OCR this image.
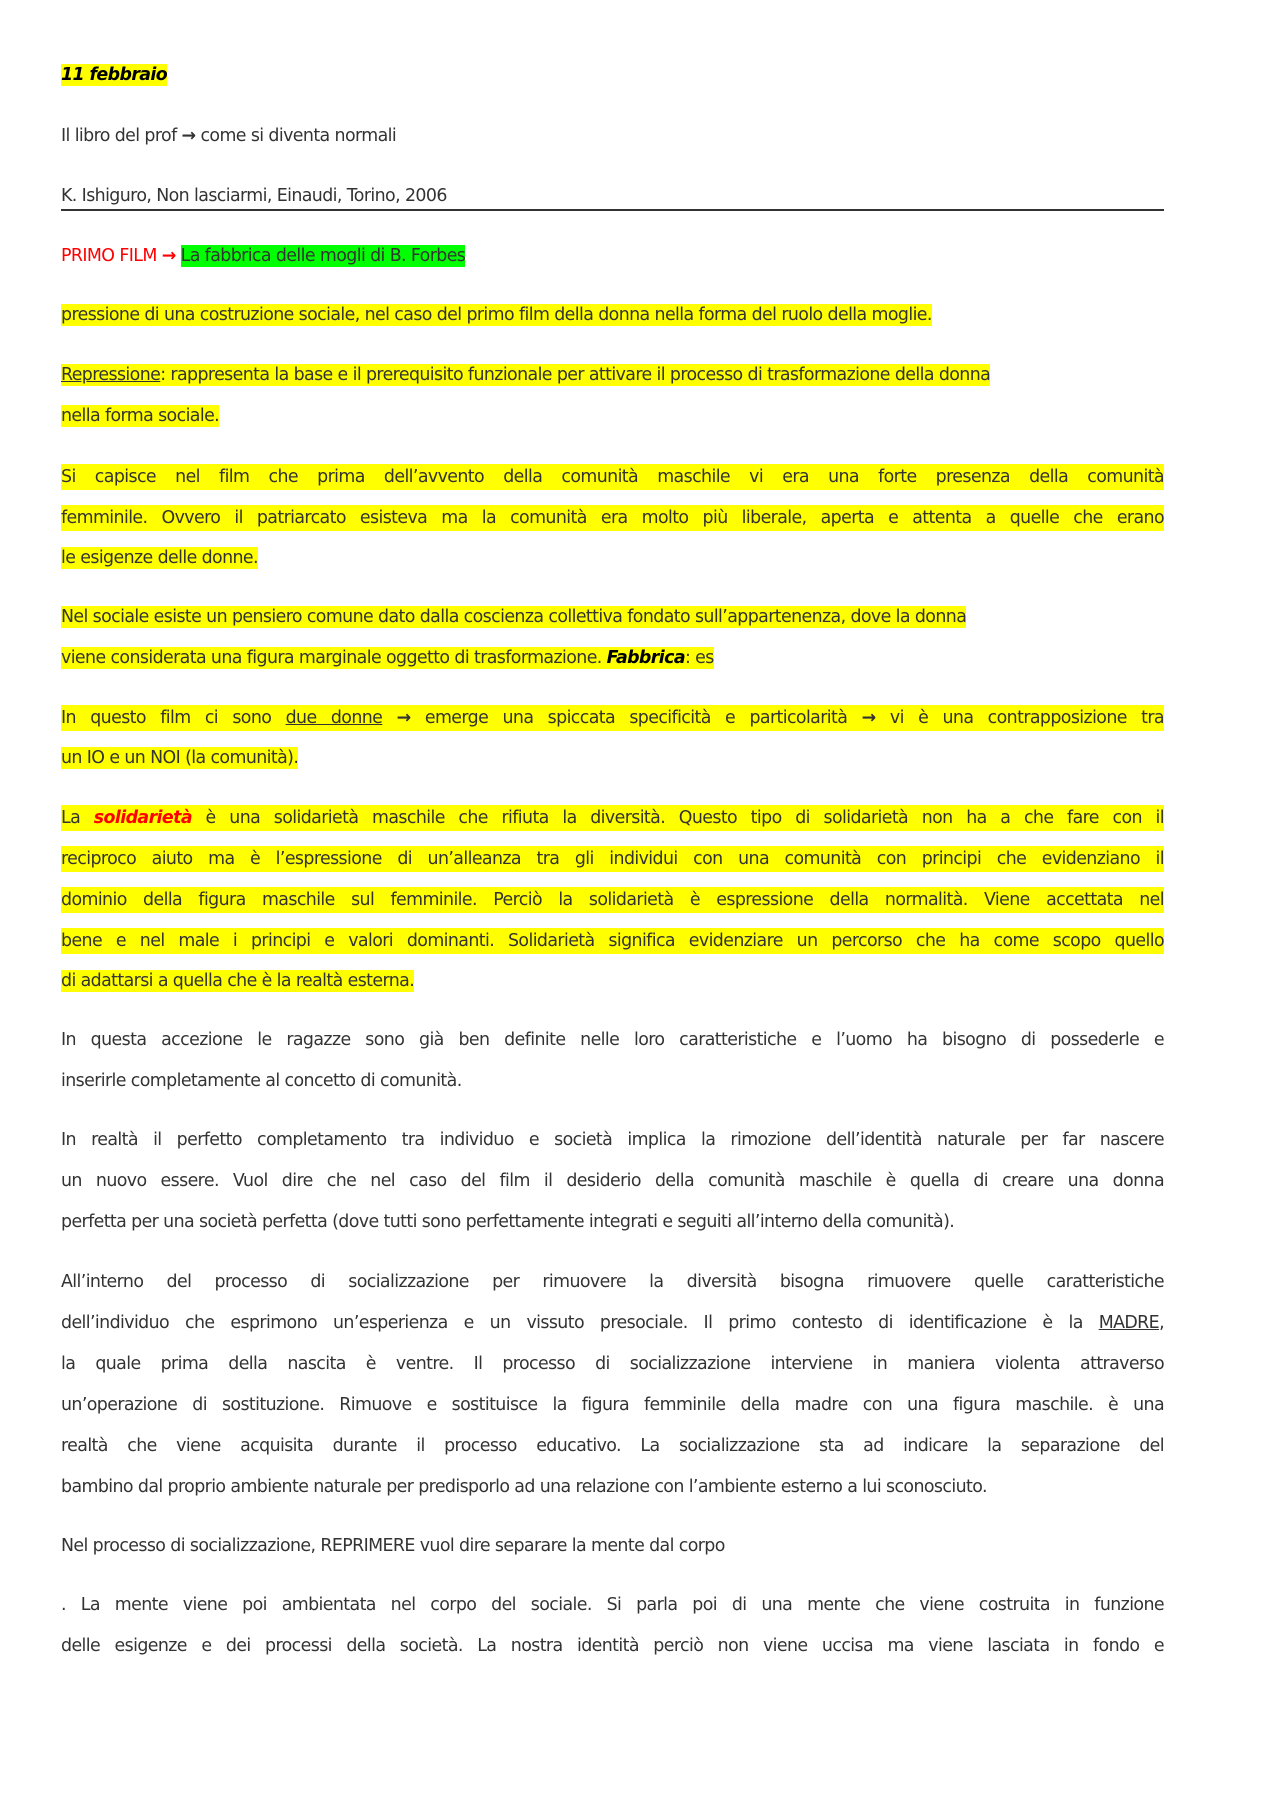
11 febbraio
Il libro del prof → come si diventa normali
K. Ishiguro, Non lasciarmi, Einaudi, Torino, 2006
PRIMO FILM → La fabbrica delle mogli di B. Forbes
pressione di una costruzione sociale, nel caso del primo film della donna nella forma del ruolo della moglie.
Repressione: rappresenta la base e il prerequisito funzionale per attivare il processo di trasformazione della donna
nella forma sociale.
Si capisce nel film che prima dell’avvento della comunità maschile vi era una forte presenza della comunità
femminile. Ovvero il patriarcato esisteva ma la comunità era molto più liberale, aperta e attenta a quelle che erano
le esigenze delle donne.
Nel sociale esiste un pensiero comune dato dalla coscienza collettiva fondato sull’appartenenza, dove la donna
viene considerata una figura marginale oggetto di trasformazione. Fabbrica: es
In questo film ci sono due donne → emerge una spiccata specificità e particolarità → vi è una contrapposizione tra
un IO e un NOI (la comunità).
La solidarietà è una solidarietà maschile che rifiuta la diversità. Questo tipo di solidarietà non ha a che fare con il
reciproco aiuto ma è l’espressione di un’alleanza tra gli individui con una comunità con principi che evidenziano il
dominio della figura maschile sul femminile. Perciò la solidarietà è espressione della normalità. Viene accettata nel
bene e nel male i principi e valori dominanti. Solidarietà significa evidenziare un percorso che ha come scopo quello
di adattarsi a quella che è la realtà esterna.
In questa accezione le ragazze sono già ben definite nelle loro caratteristiche e l’uomo ha bisogno di possederle e
inserirle completamente al concetto di comunità.
In realtà il perfetto completamento tra individuo e società implica la rimozione dell’identità naturale per far nascere
un nuovo essere. Vuol dire che nel caso del film il desiderio della comunità maschile è quella di creare una donna
perfetta per una società perfetta (dove tutti sono perfettamente integrati e seguiti all’interno della comunità).
All’interno del processo di socializzazione per rimuovere la diversità bisogna rimuovere quelle caratteristiche
dell’individuo che esprimono un’esperienza e un vissuto presociale. Il primo contesto di identificazione è la MADRE,
la quale prima della nascita è ventre. Il processo di socializzazione interviene in maniera violenta attraverso
un’operazione di sostituzione. Rimuove e sostituisce la figura femminile della madre con una figura maschile. è una
realtà che viene acquisita durante il processo educativo. La socializzazione sta ad indicare la separazione del
bambino dal proprio ambiente naturale per predisporlo ad una relazione con l’ambiente esterno a lui sconosciuto.
Nel processo di socializzazione, REPRIMERE vuol dire separare la mente dal corpo
. La mente viene poi ambientata nel corpo del sociale. Si parla poi di una mente che viene costruita in funzione
delle esigenze e dei processi della società. La nostra identità perciò non viene uccisa ma viene lasciata in fondo e
